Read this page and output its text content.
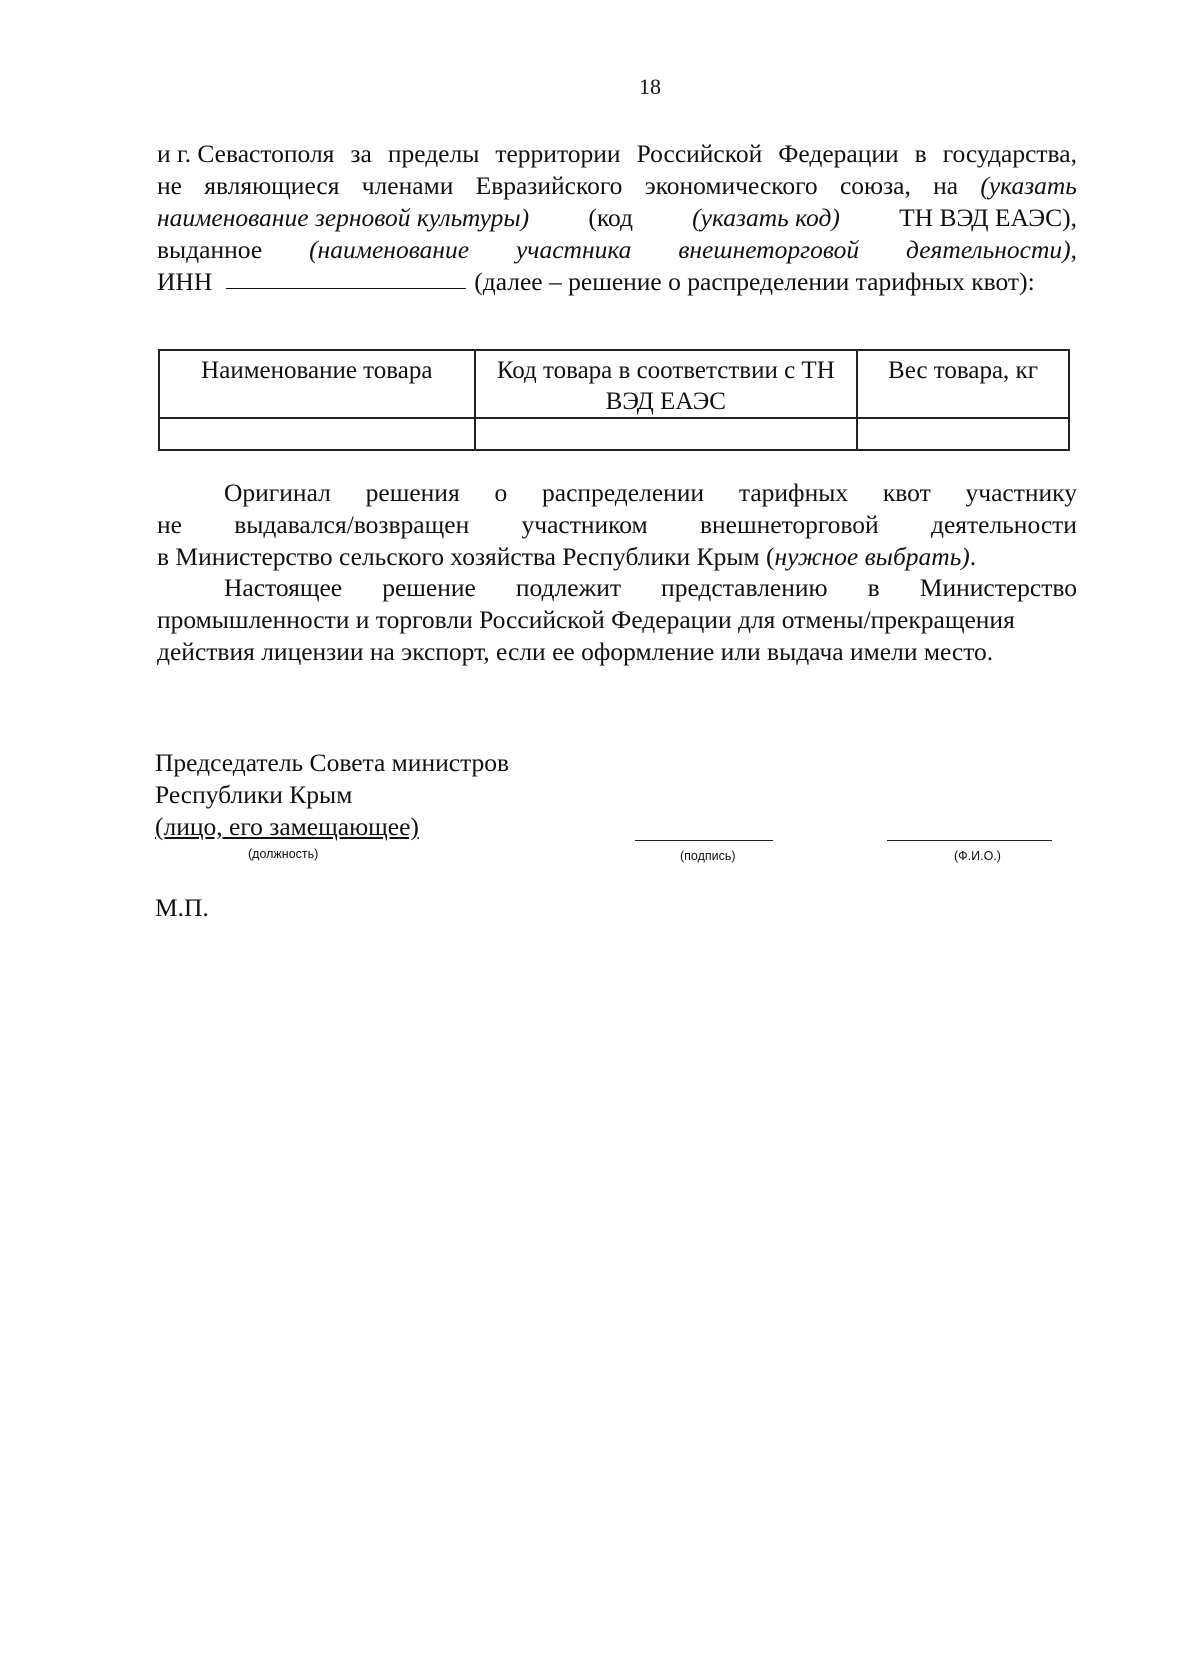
18
и г. Севастополя за пределы территории Российской Федерации в государства,
не являющиеся членами Евразийского экономического союза, на (указать
наименование зерновой культуры) (код (указать код) ТН ВЭД ЕАЭС),
выданное (наименование участника внешнеторговой деятельности),
ИНН	(далее – решение о распределении тарифных квот):
Наименование товара	Код товара в соответствии с ТН ВЭД ЕАЭС	Вес товара, кг

Оригинал решения о распределении тарифных квот участнику
не выдавался/возвращен участником внешнеторговой деятельности
в Министерство сельского хозяйства Республики Крым ( нужное выбрать) .
Настоящее решение подлежит представлению в Министерство
промышленности и торговли Российской Федерации для отмены/прекращения
действия лицензии на экспорт, если ее оформление или выдача имели место.
Председатель Совета министров
Республики Крым
(лицо, его замещающее)
(должность)	(подпись)	(Ф.И.О.)
М.П.
